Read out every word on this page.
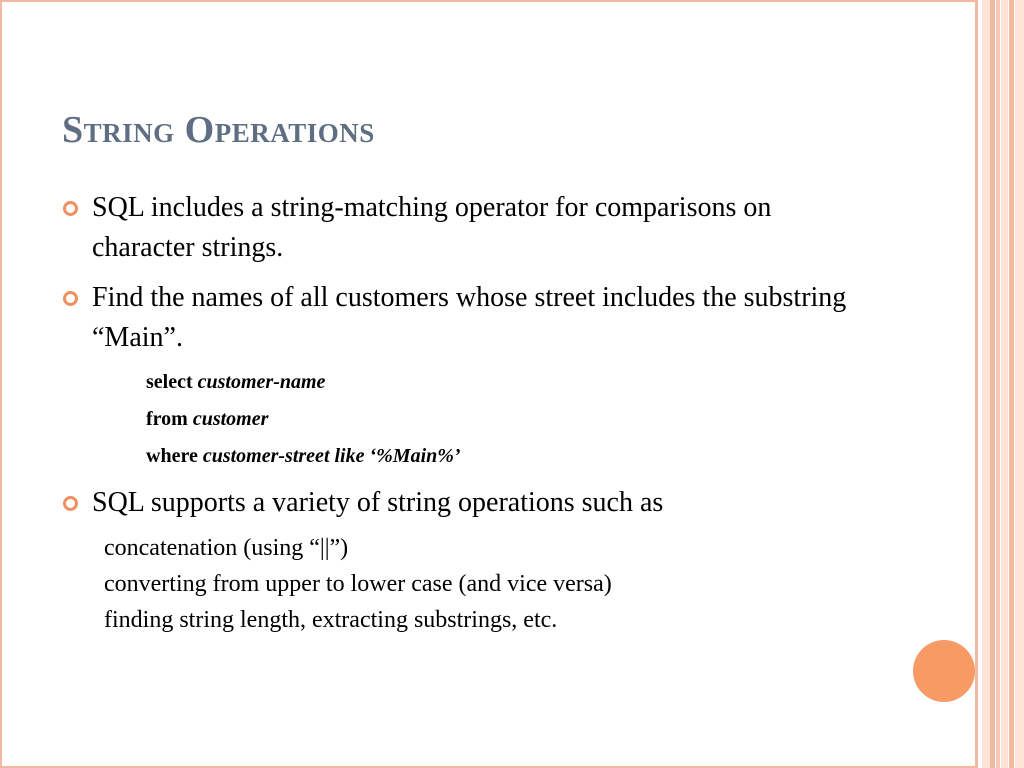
String Operations
SQL includes a string-matching operator for comparisons on character strings.
Find the names of all customers whose street includes the substring “Main”.
select customer-name
from customer
where customer-street like ‘%Main%’
SQL supports a variety of string operations such as
concatenation (using “||”)
converting from upper to lower case (and vice versa)
finding string length, extracting substrings, etc.
